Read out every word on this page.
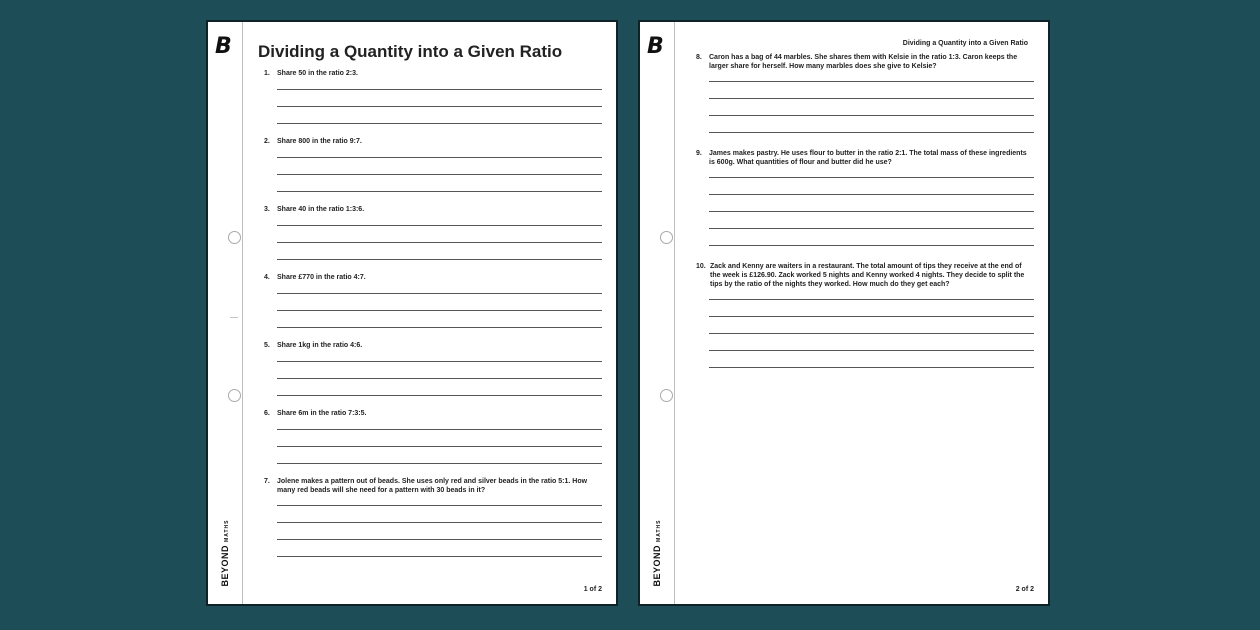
B
BEYONDMATHS
Dividing a Quantity into a Given Ratio
1. Share 50 in the ratio 2:3.
2. Share 800 in the ratio 9:7.
3. Share 40 in the ratio 1:3:6.
4. Share £770 in the ratio 4:7.
5. Share 1kg in the ratio 4:6.
6. Share 6m in the ratio 7:3:5.
7. Jolene makes a pattern out of beads. She uses only red and silver beads in the ratio 5:1. How many red beads will she need for a pattern with 30 beads in it?
1 of 2
B
BEYONDMATHS
Dividing a Quantity into a Given Ratio
8. Caron has a bag of 44 marbles. She shares them with Kelsie in the ratio 1:3. Caron keeps the larger share for herself. How many marbles does she give to Kelsie?
9. James makes pastry. He uses flour to butter in the ratio 2:1. The total mass of these ingredients is 600g. What quantities of flour and butter did he use?
10. Zack and Kenny are waiters in a restaurant. The total amount of tips they receive at the end of the week is £126.90. Zack worked 5 nights and Kenny worked 4 nights. They decide to split the tips by the ratio of the nights they worked. How much do they get each?
2 of 2
